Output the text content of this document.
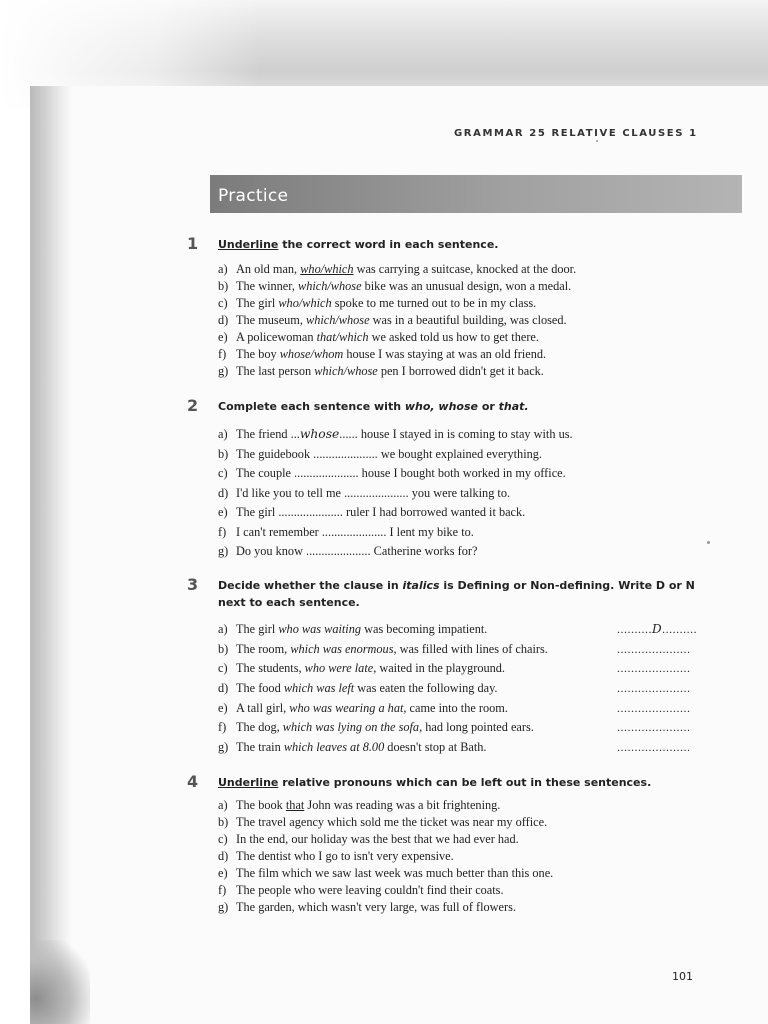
GRAMMAR 25 RELATIVE CLAUSES 1
Practice
1 Underline the correct word in each sentence.
a) An old man, who/which was carrying a suitcase, knocked at the door.
b) The winner, which/whose bike was an unusual design, won a medal.
c) The girl who/which spoke to me turned out to be in my class.
d) The museum, which/whose was in a beautiful building, was closed.
e) A policewoman that/which we asked told us how to get there.
f) The boy whose/whom house I was staying at was an old friend.
g) The last person which/whose pen I borrowed didn't get it back.
2 Complete each sentence with who, whose or that.
a) The friend ...whose...... house I stayed in is coming to stay with us.
b) The guidebook ..................... we bought explained everything.
c) The couple ..................... house I bought both worked in my office.
d) I'd like you to tell me ..................... you were talking to.
e) The girl ..................... ruler I had borrowed wanted it back.
f) I can't remember ..................... I lent my bike to.
g) Do you know ..................... Catherine works for?
3 Decide whether the clause in italics is Defining or Non-defining. Write D or N
next to each sentence.
a) The girl who was waiting was becoming impatient.	..........D..........
b) The room, which was enormous, was filled with lines of chairs.	.....................
c) The students, who were late, waited in the playground.	.....................
d) The food which was left was eaten the following day.	.....................
e) A tall girl, who was wearing a hat, came into the room.	.....................
f) The dog, which was lying on the sofa, had long pointed ears.	.....................
g) The train which leaves at 8.00 doesn't stop at Bath.	.....................
4 Underline relative pronouns which can be left out in these sentences.
a) The book that John was reading was a bit frightening.
b) The travel agency which sold me the ticket was near my office.
c) In the end, our holiday was the best that we had ever had.
d) The dentist who I go to isn't very expensive.
e) The film which we saw last week was much better than this one.
f) The people who were leaving couldn't find their coats.
g) The garden, which wasn't very large, was full of flowers.
101
